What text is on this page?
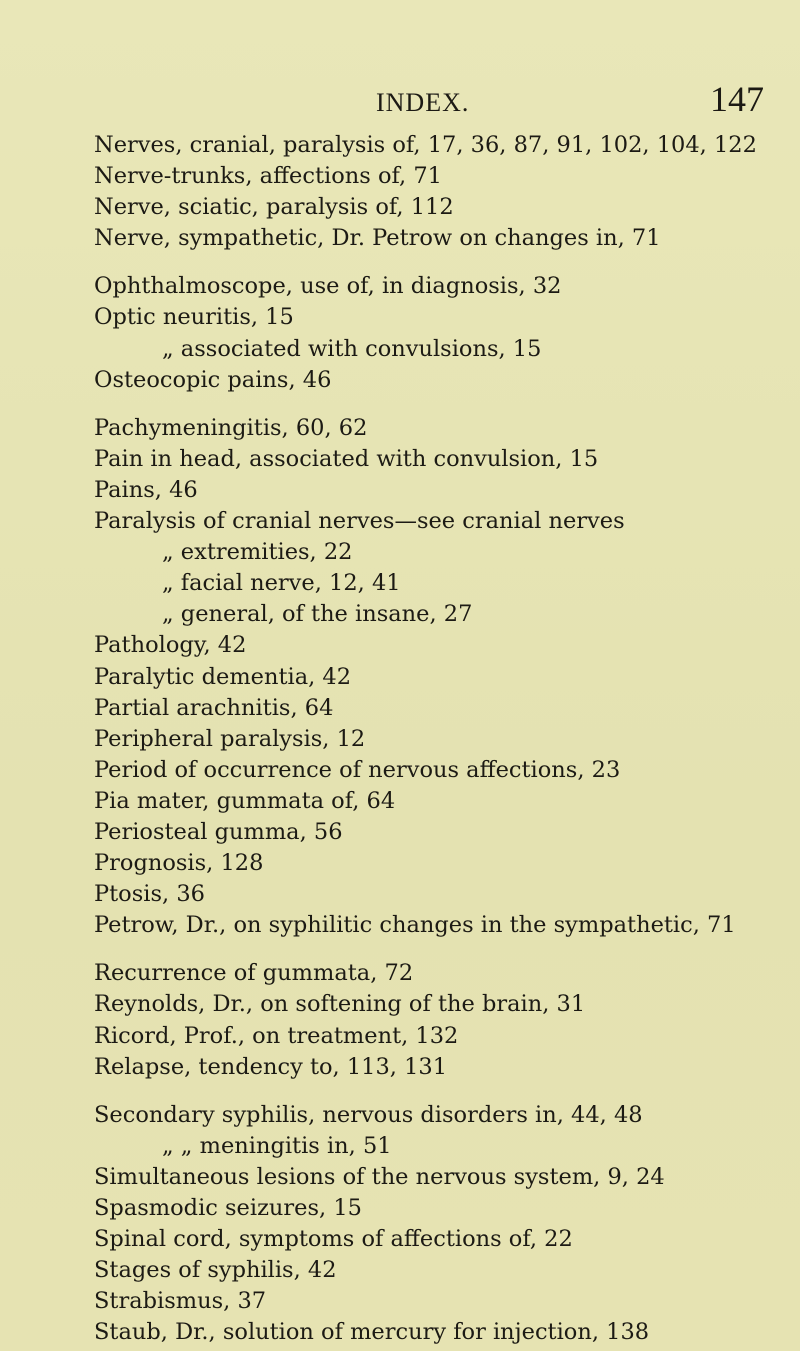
INDEX.	147
Nerves, cranial, paralysis of, 17, 36, 87, 91, 102, 104, 122
Nerve-trunks, affections of, 71
Nerve, sciatic, paralysis of, 112
Nerve, sympathetic, Dr. Petrow on changes in, 71
Ophthalmoscope, use of, in diagnosis, 32
Optic neuritis, 15
„ associated with convulsions, 15
Osteocopic pains, 46
Pachymeningitis, 60, 62
Pain in head, associated with convulsion, 15
Pains, 46
Paralysis of cranial nerves—see cranial nerves
„ extremities, 22
„ facial nerve, 12, 41
„ general, of the insane, 27
Pathology, 42
Paralytic dementia, 42
Partial arachnitis, 64
Peripheral paralysis, 12
Period of occurrence of nervous affections, 23
Pia mater, gummata of, 64
Periosteal gumma, 56
Prognosis, 128
Ptosis, 36
Petrow, Dr., on syphilitic changes in the sympathetic, 71
Recurrence of gummata, 72
Reynolds, Dr., on softening of the brain, 31
Ricord, Prof., on treatment, 132
Relapse, tendency to, 113, 131
Secondary syphilis, nervous disorders in, 44, 48
„ „ meningitis in, 51
Simultaneous lesions of the nervous system, 9, 24
Spasmodic seizures, 15
Spinal cord, symptoms of affections of, 22
Stages of syphilis, 42
Strabismus, 37
Staub, Dr., solution of mercury for injection, 138
